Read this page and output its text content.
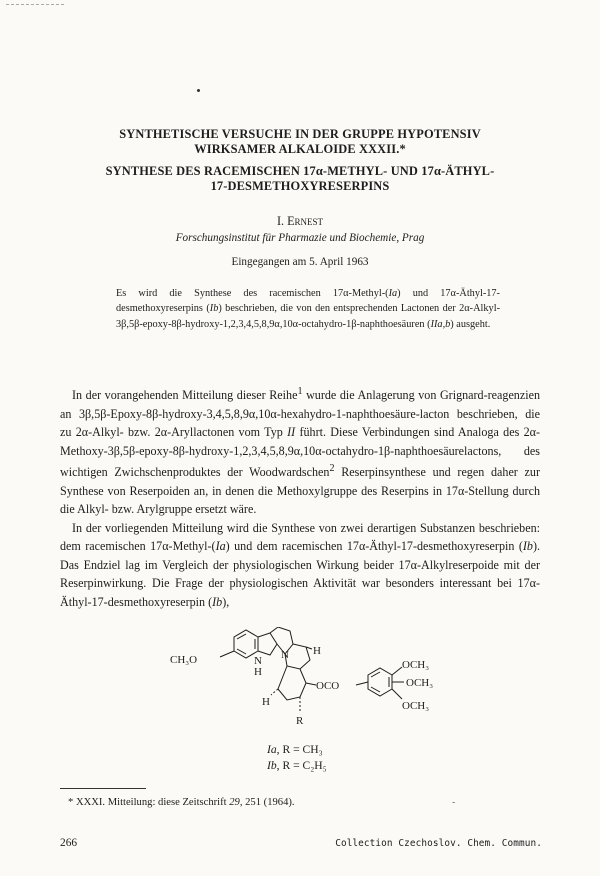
SYNTHETISCHE VERSUCHE IN DER GRUPPE HYPOTENSIV
WIRKSAMER ALKALOIDE XXXII.*
SYNTHESE DES RACEMISCHEN 17α-METHYL- UND 17α-ÄTHYL-
17-DESMETHOXYRESERPINS
I. Ernest
Forschungsinstitut für Pharmazie und Biochemie, Prag
Eingegangen am 5. April 1963
Es wird die Synthese des racemischen 17α-Methyl-(Ia) und 17α-Äthyl-17-desmethoxyreserpins (Ib) beschrieben, die von den entsprechenden Lactonen der 2α-Alkyl-3β,5β-epoxy-8β-hydroxy-1,2,3,4,5,8,9α,10α-octahydro-1β-naphthoesäuren (IIa,b) ausgeht.

In der vorangehenden Mitteilung dieser Reihe$^1$ wurde die Anlagerung von Grignard-reagenzien an 3β,5β-Epoxy-8β-hydroxy-3,4,5,8,9α,10α-hexahydro-1-naphthoesäure-lacton beschrieben, die zu 2α-Alkyl- bzw. 2α-Aryllactonen vom Typ II führt. Diese Verbindungen sind Analoga des 2α-Methoxy-3β,5β-epoxy-8β-hydroxy-1,2,3,4,5,8,9α,10α-octahydro-1β-naphthoesäurelactons, des wichtigen Zwichschenproduktes der Woodwardschen$^2$ Reserpinsynthese und regen daher zur Synthese von Reserpoiden an, in denen die Methoxylgruppe des Reserpins in 17α-Stellung durch die Alkyl- bzw. Arylgruppe ersetzt wäre.

In der vorliegenden Mitteilung wird die Synthese von zwei derartigen Substanzen beschrieben: dem racemischen 17α-Methyl-(Ia) und dem racemischen 17α-Äthyl-17-desmethoxyreserpin (Ib). Das Endziel lag im Vergleich der physiologischen Wirkung beider 17α-Alkylreserpoide mit der Reserpinwirkung. Die Frage der physiologischen Aktivität war besonders interessant bei 17α-Äthyl-17-desmethoxyreserpin (Ib),

CH₃O	N
H
N H
H
OCO
R
OCH₃
OCH₃
OCH₃
Ia, R = CH₃
Ib, R = C₂H₅
* XXXI. Mitteilung: diese Zeitschrift 29, 251 (1964).	-
266	Collection Czechoslov. Chem. Commun.
